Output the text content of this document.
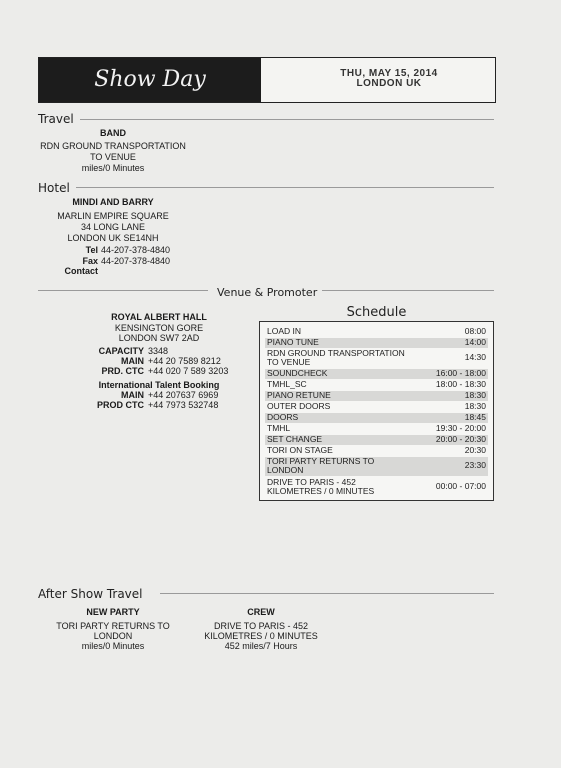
Show Day	THU, MAY 15, 2014
LONDON UK
Travel
BAND
RDN GROUND TRANSPORTATION
TO VENUE
miles/0 Minutes
Hotel
MINDI AND BARRY
MARLIN EMPIRE SQUARE
34 LONG LANE
LONDON UK SE14NH
Tel 44-207-378-4840
Fax 44-207-378-4840
Contact
Venue & Promoter
ROYAL ALBERT HALL
KENSINGTON GORE
LONDON SW7 2AD
CAPACITY 3348
MAIN +44 20 7589 8212
PRD. CTC +44 020 7 589 3203
International Talent Booking
MAIN +44 207637 6969
PROD CTC +44 7973 532748
Schedule
LOAD IN	08:00
PIANO TUNE	14:00
RDN GROUND TRANSPORTATION TO VENUE	14:30
SOUNDCHECK	16:00 - 18:00
TMHL_SC	18:00 - 18:30
PIANO RETUNE	18:30
OUTER DOORS	18:30
DOORS	18:45
TMHL	19:30 - 20:00
SET CHANGE	20:00 - 20:30
TORI ON STAGE	20:30
TORI PARTY RETURNS TO LONDON	23:30
DRIVE TO PARIS - 452 KILOMETRES / 0 MINUTES	00:00 - 07:00
After Show Travel
NEW PARTY
TORI PARTY RETURNS TO
LONDON
miles/0 Minutes
CREW
DRIVE TO PARIS - 452
KILOMETRES / 0 MINUTES
452 miles/7 Hours
